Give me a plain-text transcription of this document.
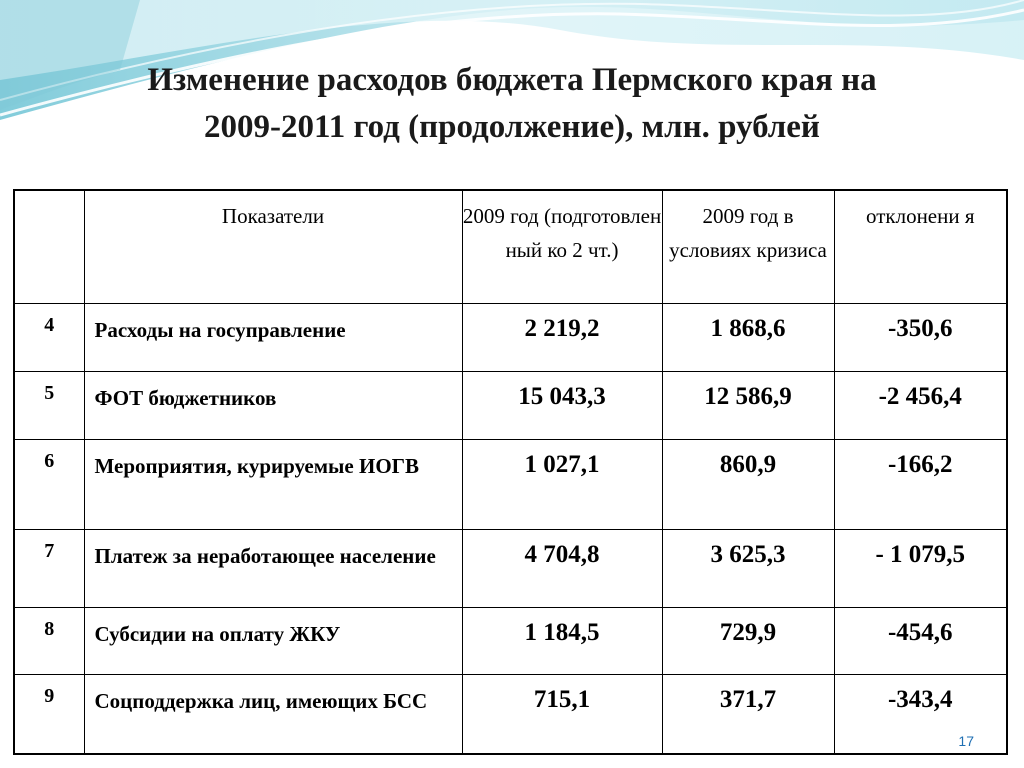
Изменение расходов бюджета Пермского края на
2009-2011 год (продолжение), млн. рублей
	Показатели	2009 год (подготовлен ный ко 2 чт.)	2009 год в условиях кризиса	отклонени я
4	Расходы на госуправление	2 219,2	1 868,6	-350,6
5	ФОТ бюджетников	15 043,3	12 586,9	-2 456,4
6	Мероприятия, курируемые ИОГВ	1 027,1	860,9	-166,2
7	Платеж за неработающее население	4 704,8	3 625,3	- 1 079,5
8	Субсидии на оплату ЖКУ	1 184,5	729,9	-454,6
9	Соцподдержка лиц, имеющих БСС	715,1	371,7	-343,4
17
